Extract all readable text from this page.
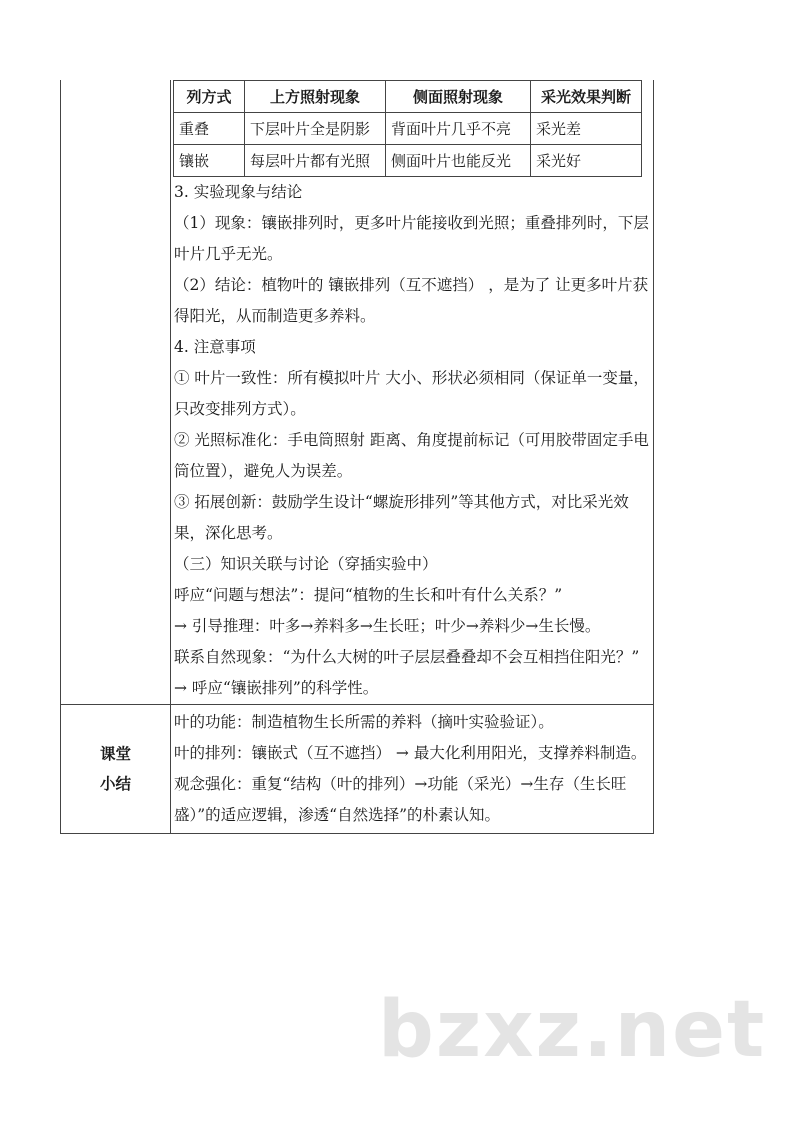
列方式	上方照射现象	侧面照射现象	采光效果判断
重叠	下层叶片全是阴影	背面叶片几乎不亮	采光差
镶嵌	每层叶片都有光照	侧面叶片也能反光	采光好

3. 实验现象与结论

（1）现象：镶嵌排列时，更多叶片能接收到光照；重叠排列时，下层叶片几乎无光。

（2）结论：植物叶的 镶嵌排列（互不遮挡） ，是为了 让更多叶片获得阳光，从而制造更多养料。

4. 注意事项

① 叶片一致性：所有模拟叶片 大小、形状必须相同（保证单一变量，只改变排列方式）。

② 光照标准化：手电筒照射 距离、角度提前标记（可用胶带固定手电筒位置），避免人为误差。

③ 拓展创新：鼓励学生设计“螺旋形排列”等其他方式，对比采光效果，深化思考。

（三）知识关联与讨论（穿插实验中）

呼应“问题与想法”：提问“植物的生长和叶有什么关系？”

→ 引导推理：叶多→养料多→生长旺；叶少→养料少→生长慢。

联系自然现象：“为什么大树的叶子层层叠叠却不会互相挡住阳光？”

→ 呼应“镶嵌排列”的科学性。

课堂
小结

叶的功能：制造植物生长所需的养料（摘叶实验验证）。

叶的排列：镶嵌式（互不遮挡） → 最大化利用阳光，支撑养料制造。

观念强化：重复“结构（叶的排列）→功能（采光）→生存（生长旺盛）”的适应逻辑，渗透“自然选择”的朴素认知。

bzxz.net
